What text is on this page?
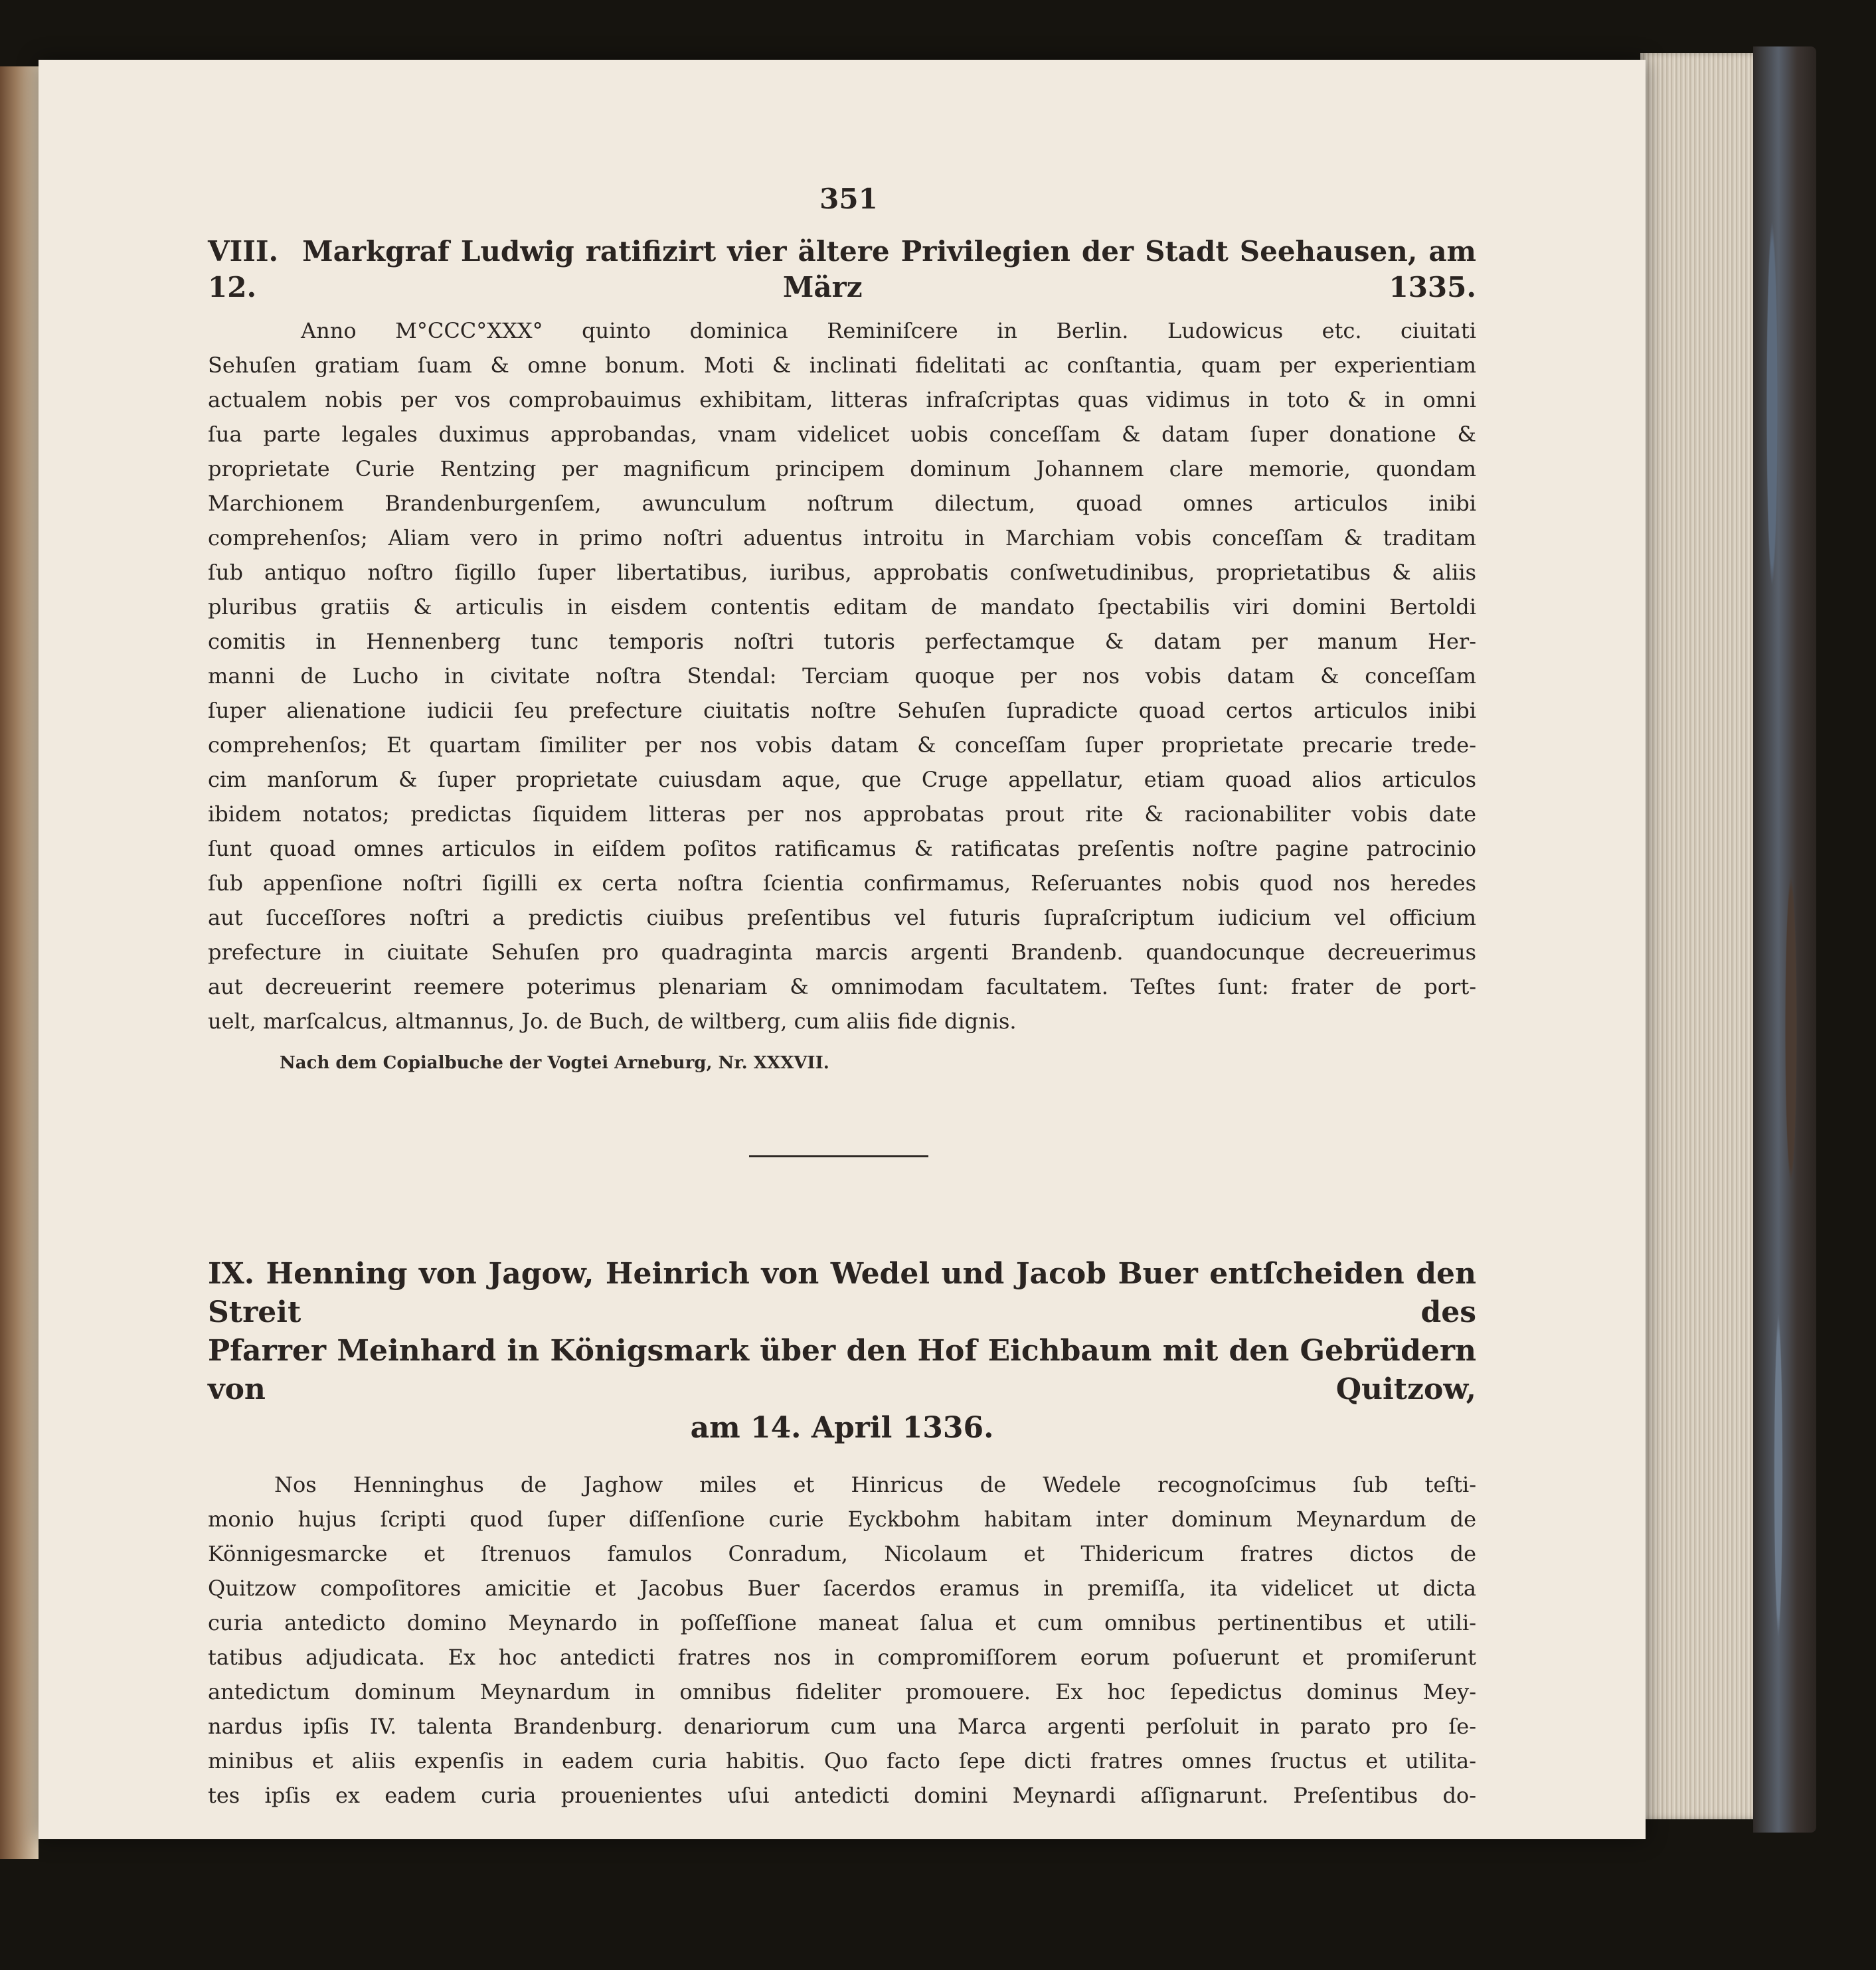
351
VIII. Markgraf Ludwig ratifizirt vier ältere Privilegien der Stadt Seehausen, am 12. März 1335.
Anno M°CCC°XXX° quinto dominica Reminiſcere in Berlin. Ludowicus etc. ciuitati
Sehuſen gratiam ſuam & omne bonum. Moti & inclinati fidelitati ac conſtantia, quam per experientiam
actualem nobis per vos comprobauimus exhibitam, litteras infraſcriptas quas vidimus in toto & in omni
ſua parte legales duximus approbandas, vnam videlicet uobis conceſſam & datam ſuper donatione &
proprietate Curie Rentzing per magnificum principem dominum Johannem clare memorie, quondam
Marchionem Brandenburgenſem, awunculum noſtrum dilectum, quoad omnes articulos inibi
comprehenſos; Aliam vero in primo noſtri aduentus introitu in Marchiam vobis conceſſam & traditam
ſub antiquo noſtro ſigillo ſuper libertatibus, iuribus, approbatis conſwetudinibus, proprietatibus & aliis
pluribus gratiis & articulis in eisdem contentis editam de mandato ſpectabilis viri domini Bertoldi
comitis in Hennenberg tunc temporis noſtri tutoris perfectamque & datam per manum Her-
manni de Lucho in civitate noſtra Stendal: Terciam quoque per nos vobis datam & conceſſam
ſuper alienatione iudicii ſeu prefecture ciuitatis noſtre Sehuſen ſupradicte quoad certos articulos inibi
comprehenſos; Et quartam ſimiliter per nos vobis datam & conceſſam ſuper proprietate precarie trede-
cim manſorum & ſuper proprietate cuiusdam aque, que Cruge appellatur, etiam quoad alios articulos
ibidem notatos; predictas ſiquidem litteras per nos approbatas prout rite & racionabiliter vobis date
ſunt quoad omnes articulos in eiſdem poſitos ratificamus & ratificatas preſentis noſtre pagine patrocinio
ſub appenſione noſtri ſigilli ex certa noſtra ſcientia confirmamus, Reſeruantes nobis quod nos heredes
aut ſucceſſores noſtri a predictis ciuibus preſentibus vel futuris ſupraſcriptum iudicium vel officium
prefecture in ciuitate Sehuſen pro quadraginta marcis argenti Brandenb. quandocunque decreuerimus
aut decreuerint reemere poterimus plenariam & omnimodam facultatem. Teſtes ſunt: frater de port-
uelt, marſcalcus, altmannus, Jo. de Buch, de wiltberg, cum aliis fide dignis.
Nach dem Copialbuche der Vogtei Arneburg, Nr. XXXVII.
IX. Henning von Jagow, Heinrich von Wedel und Jacob Buer entſcheiden den Streit des
Pfarrer Meinhard in Königsmark über den Hof Eichbaum mit den Gebrüdern von Quitzow,
am 14. April 1336.
Nos Henninghus de Jaghow miles et Hinricus de Wedele recognoſcimus ſub teſti-
monio hujus ſcripti quod ſuper diſſenſione curie Eyckbohm habitam inter dominum Meynardum de
Könnigesmarcke et ſtrenuos famulos Conradum, Nicolaum et Thidericum fratres dictos de
Quitzow compoſitores amicitie et Jacobus Buer ſacerdos eramus in premiſſa, ita videlicet ut dicta
curia antedicto domino Meynardo in poſſeſſione maneat ſalua et cum omnibus pertinentibus et utili-
tatibus adjudicata. Ex hoc antedicti fratres nos in compromiſſorem eorum poſuerunt et promiſerunt
antedictum dominum Meynardum in omnibus fideliter promouere. Ex hoc ſepedictus dominus Mey-
nardus ipſis IV. talenta Brandenburg. denariorum cum una Marca argenti perſoluit in parato pro ſe-
minibus et aliis expenſis in eadem curia habitis. Quo facto ſepe dicti fratres omnes ſructus et utilita-
tes ipſis ex eadem curia prouenientes uſui antedicti domini Meynardi aſſignarunt. Preſentibus do-
